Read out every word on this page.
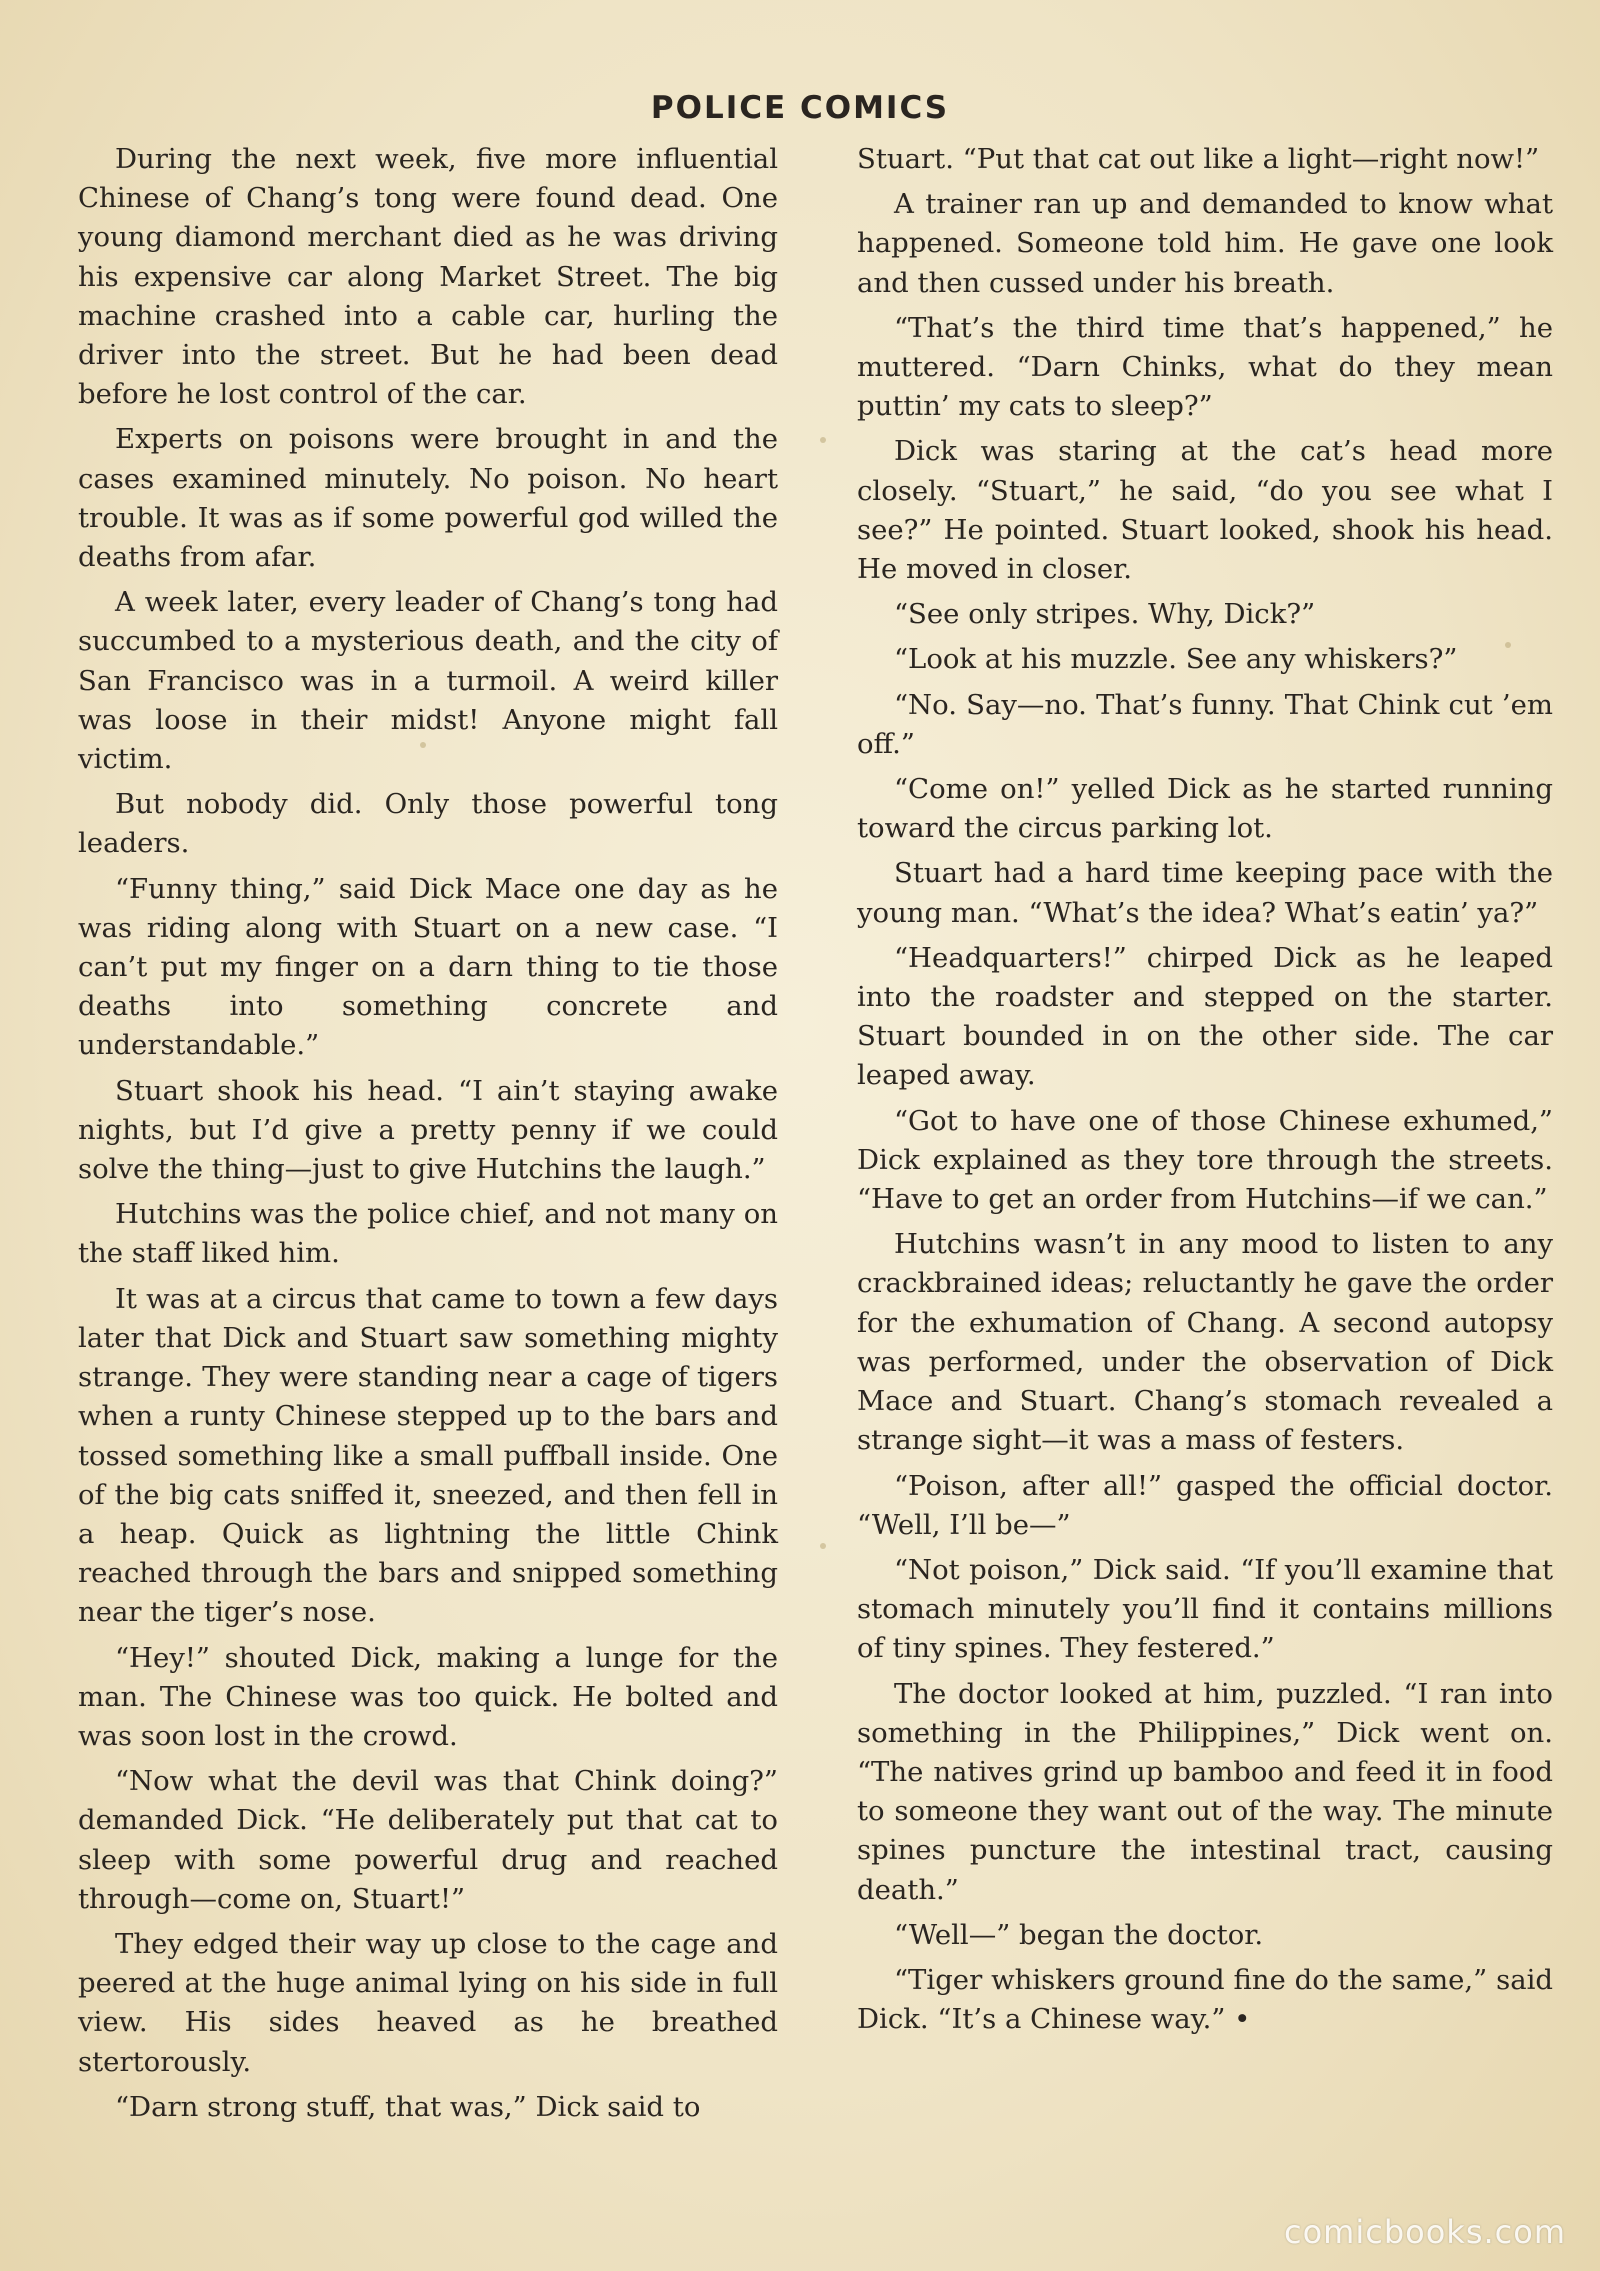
POLICE COMICS

During the next week, five more influential Chinese of Chang’s tong were found dead. One young diamond merchant died as he was driving his expensive car along Market Street. The big machine crashed into a cable car, hurling the driver into the street. But he had been dead before he lost control of the car.

Experts on poisons were brought in and the cases examined minutely. No poison. No heart trouble. It was as if some powerful god willed the deaths from afar.

A week later, every leader of Chang’s tong had succumbed to a mysterious death, and the city of San Francisco was in a turmoil. A weird killer was loose in their midst! Anyone might fall victim.

But nobody did. Only those powerful tong leaders.

“Funny thing,” said Dick Mace one day as he was riding along with Stuart on a new case. “I can’t put my finger on a darn thing to tie those deaths into something concrete and understandable.”

Stuart shook his head. “I ain’t staying awake nights, but I’d give a pretty penny if we could solve the thing—just to give Hutchins the laugh.”

Hutchins was the police chief, and not many on the staff liked him.

It was at a circus that came to town a few days later that Dick and Stuart saw something mighty strange. They were standing near a cage of tigers when a runty Chinese stepped up to the bars and tossed something like a small puffball inside. One of the big cats sniffed it, sneezed, and then fell in a heap. Quick as lightning the little Chink reached through the bars and snipped something near the tiger’s nose.

“Hey!” shouted Dick, making a lunge for the man. The Chinese was too quick. He bolted and was soon lost in the crowd.

“Now what the devil was that Chink doing?” demanded Dick. “He deliberately put that cat to sleep with some powerful drug and reached through—come on, Stuart!”

They edged their way up close to the cage and peered at the huge animal lying on his side in full view. His sides heaved as he breathed stertorously.

“Darn strong stuff, that was,” Dick said to

Stuart. “Put that cat out like a light—right now!”

A trainer ran up and demanded to know what happened. Someone told him. He gave one look and then cussed under his breath.

“That’s the third time that’s happened,” he muttered. “Darn Chinks, what do they mean puttin’ my cats to sleep?”

Dick was staring at the cat’s head more closely. “Stuart,” he said, “do you see what I see?” He pointed. Stuart looked, shook his head. He moved in closer.

“See only stripes. Why, Dick?”

“Look at his muzzle. See any whiskers?”

“No. Say—no. That’s funny. That Chink cut ’em off.”

“Come on!” yelled Dick as he started running toward the circus parking lot.

Stuart had a hard time keeping pace with the young man. “What’s the idea? What’s eatin’ ya?”

“Headquarters!” chirped Dick as he leaped into the roadster and stepped on the starter. Stuart bounded in on the other side. The car leaped away.

“Got to have one of those Chinese exhumed,” Dick explained as they tore through the streets. “Have to get an order from Hutchins—if we can.”

Hutchins wasn’t in any mood to listen to any crackbrained ideas; reluctantly he gave the order for the exhumation of Chang. A second autopsy was performed, under the observation of Dick Mace and Stuart. Chang’s stomach revealed a strange sight—it was a mass of festers.

“Poison, after all!” gasped the official doctor. “Well, I’ll be—”

“Not poison,” Dick said. “If you’ll examine that stomach minutely you’ll find it contains millions of tiny spines. They festered.”

The doctor looked at him, puzzled. “I ran into something in the Philippines,” Dick went on. “The natives grind up bamboo and feed it in food to someone they want out of the way. The minute spines puncture the intestinal tract, causing death.”

“Well—” began the doctor.

“Tiger whiskers ground fine do the same,” said Dick. “It’s a Chinese way.” •

comicbooks.com
